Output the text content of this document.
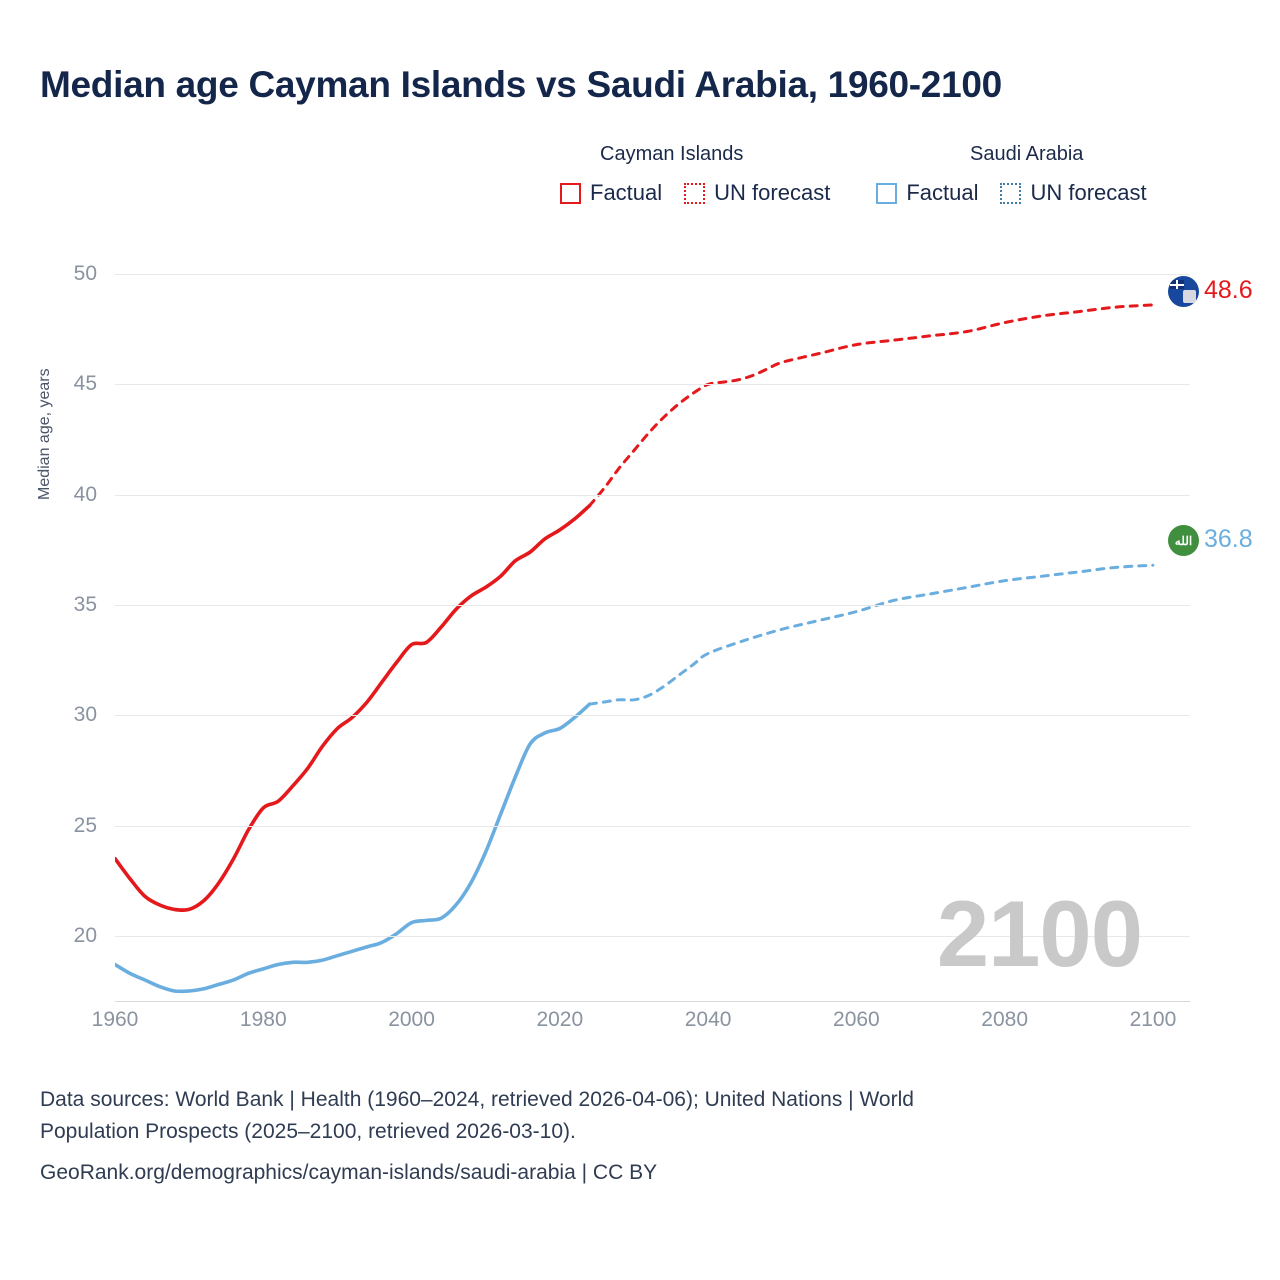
Median age Cayman Islands vs Saudi Arabia, 1960-2100
Cayman Islands	Saudi Arabia
Factual UN forecast	Factual UN forecast
Median age, years
20
25
30
35
40
45
50
1960	1980	2000	2020	2040	2060	2080	2100
2100
48.6
الله 36.8
Data sources: World Bank | Health (1960–2024, retrieved 2026-04-06); United Nations | World
Population Prospects (2025–2100, retrieved 2026-03-10).
GeoRank.org/demographics/cayman-islands/saudi-arabia | CC BY
